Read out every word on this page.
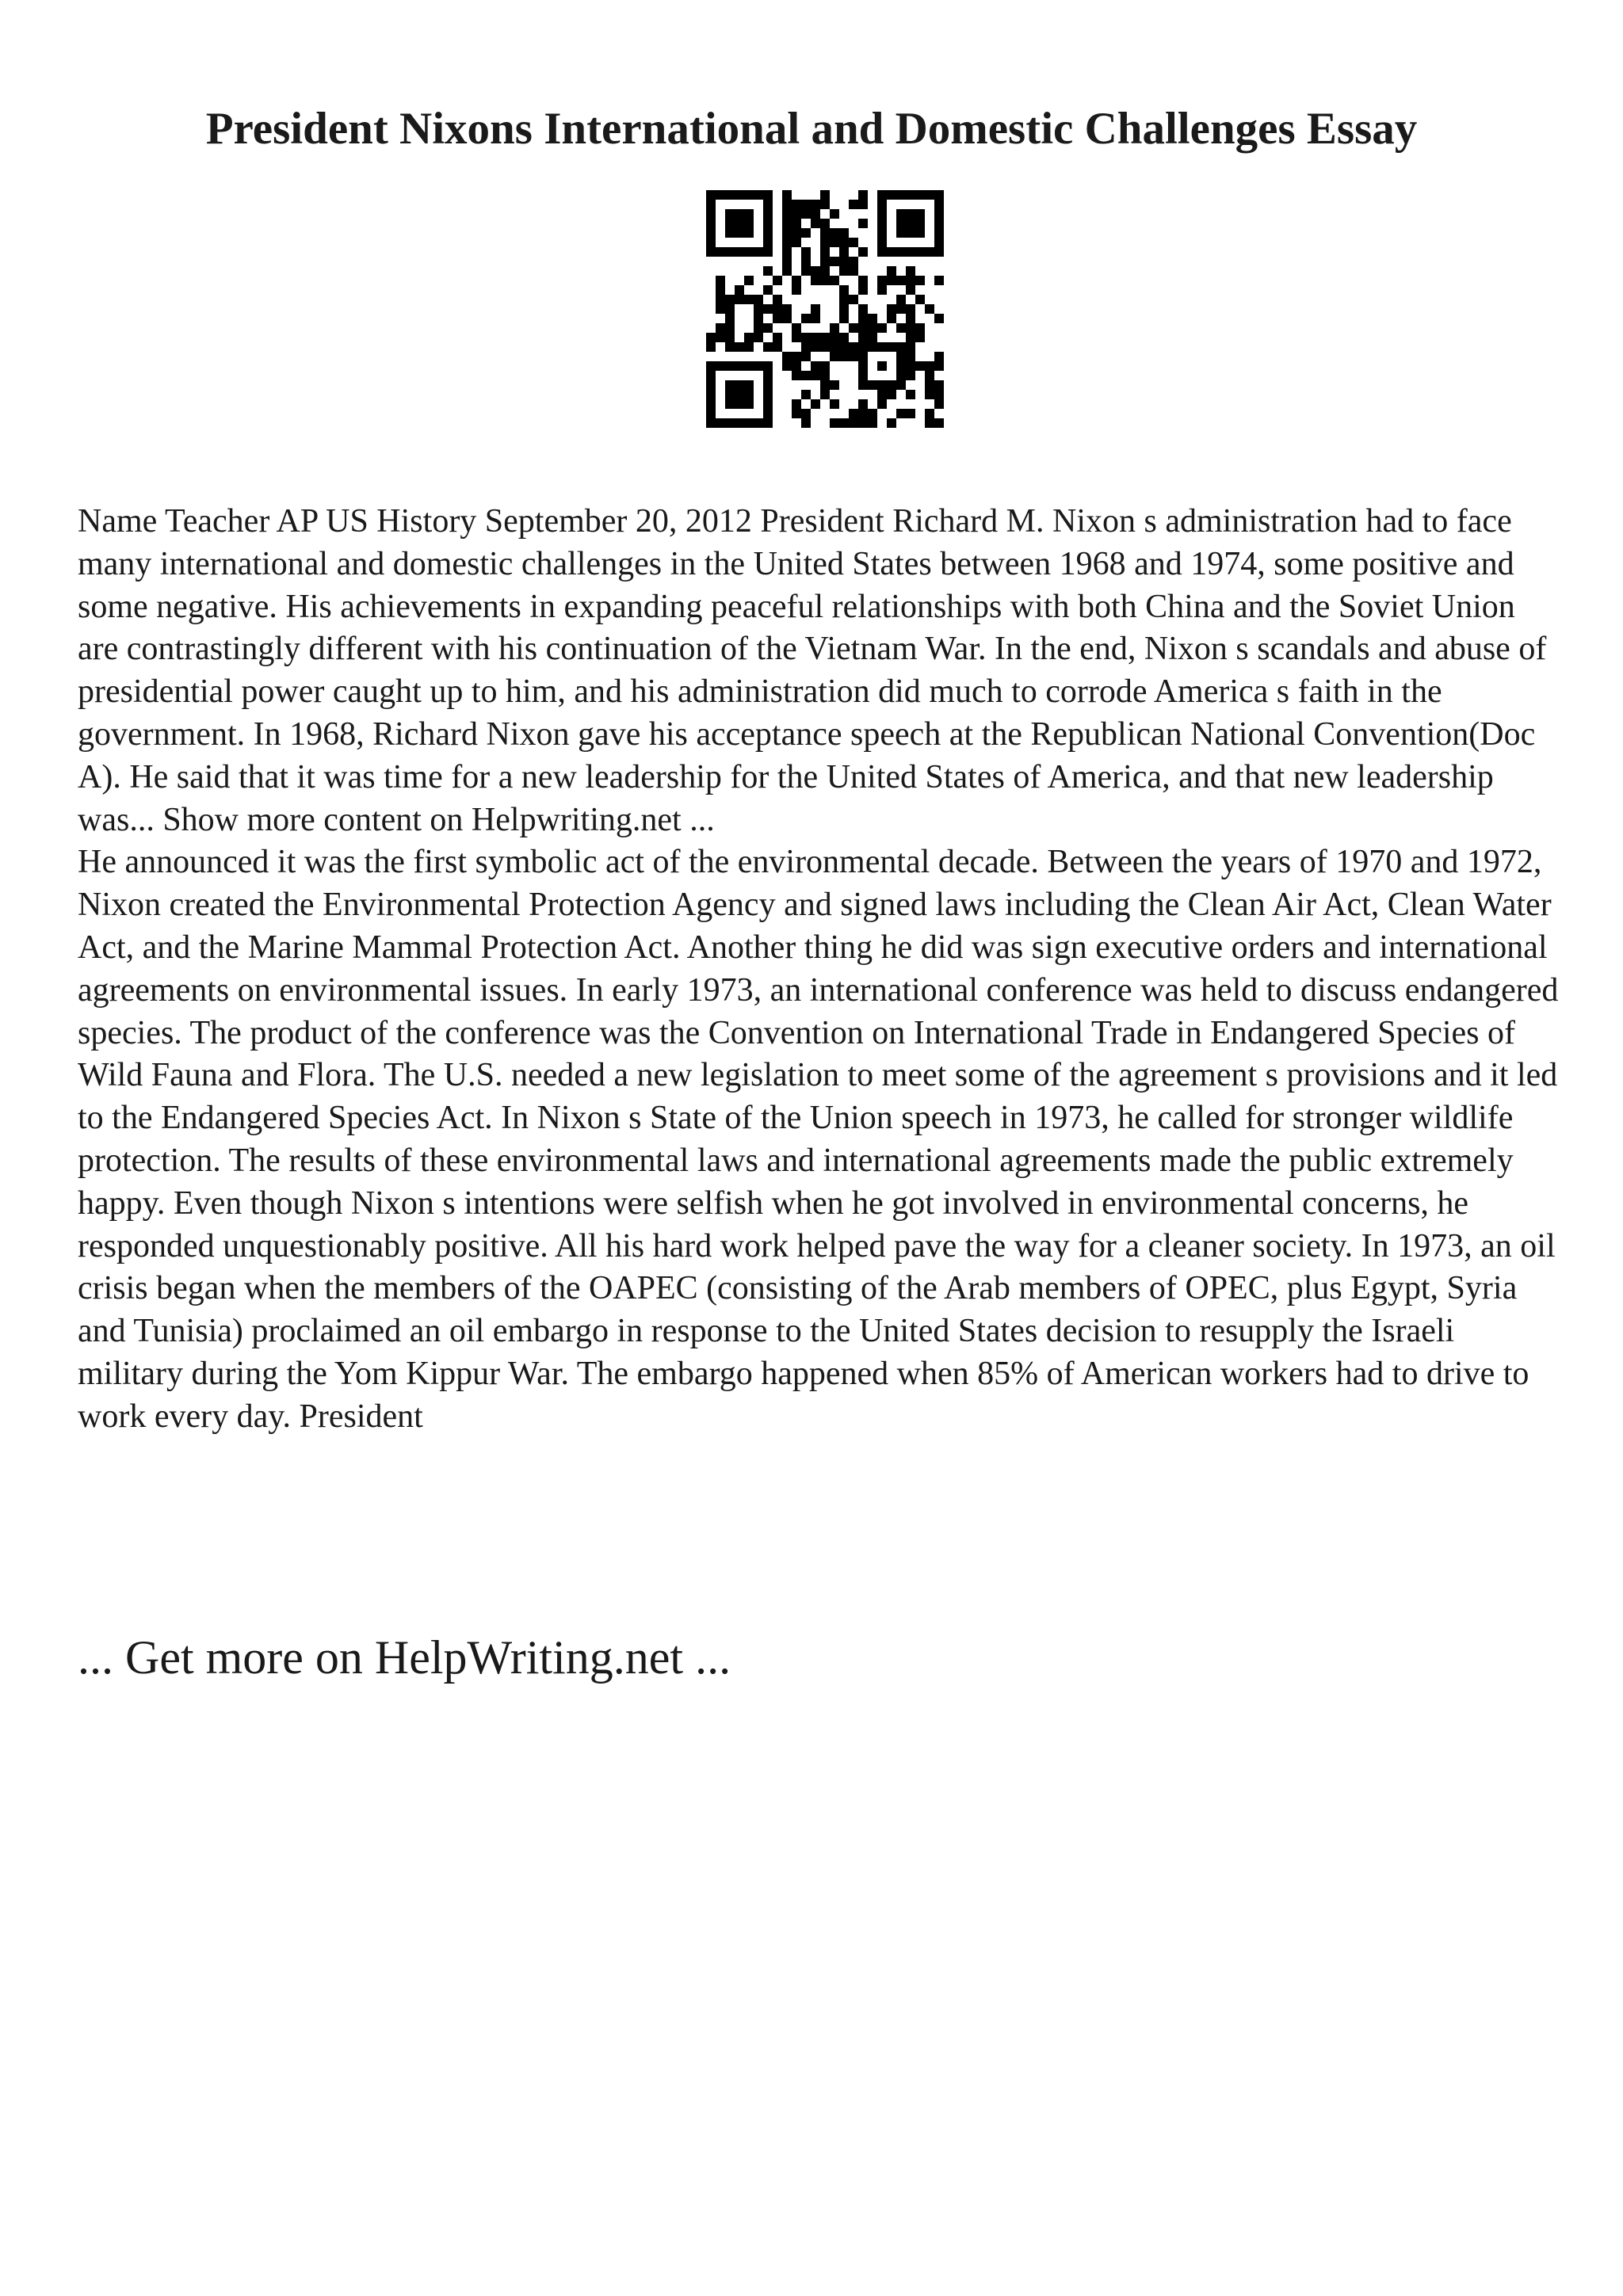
President Nixons International and Domestic Challenges Essay

Name Teacher AP US History September 20, 2012 President Richard M. Nixon s administration had to face many international and domestic challenges in the United States between 1968 and 1974, some positive and some negative. His achievements in expanding peaceful relationships with both China and the Soviet Union are contrastingly different with his continuation of the Vietnam War. In the end, Nixon s scandals and abuse of presidential power caught up to him, and his administration did much to corrode America s faith in the government. In 1968, Richard Nixon gave his acceptance speech at the Republican National Convention(Doc A). He said that it was time for a new leadership for the United States of America, and that new leadership was... Show more content on Helpwriting.net ...

He announced it was the first symbolic act of the environmental decade. Between the years of 1970 and 1972, Nixon created the Environmental Protection Agency and signed laws including the Clean Air Act, Clean Water Act, and the Marine Mammal Protection Act. Another thing he did was sign executive orders and international agreements on environmental issues. In early 1973, an international conference was held to discuss endangered species. The product of the conference was the Convention on International Trade in Endangered Species of Wild Fauna and Flora. The U.S. needed a new legislation to meet some of the agreement s provisions and it led to the Endangered Species Act. In Nixon s State of the Union speech in 1973, he called for stronger wildlife protection. The results of these environmental laws and international agreements made the public extremely happy. Even though Nixon s intentions were selfish when he got involved in environmental concerns, he responded unquestionably positive. All his hard work helped pave the way for a cleaner society. In 1973, an oil crisis began when the members of the OAPEC (consisting of the Arab members of OPEC, plus Egypt, Syria and Tunisia) proclaimed an oil embargo in response to the United States decision to resupply the Israeli military during the Yom Kippur War. The embargo happened when 85% of American workers had to drive to work every day. President

... Get more on HelpWriting.net ...
